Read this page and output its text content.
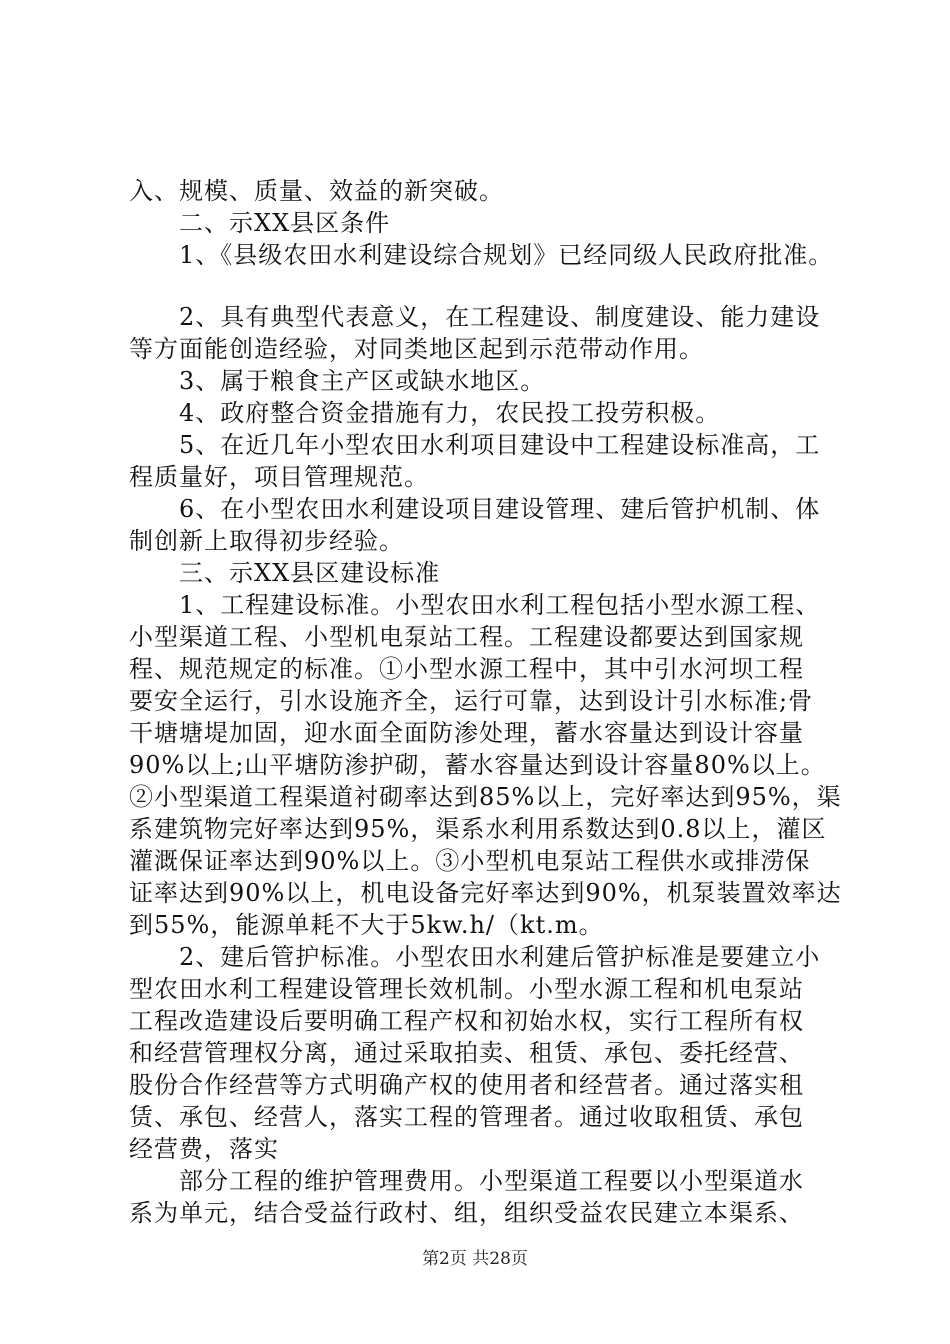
入、规模、质量、效益的新突破。
　　二、示XX县区条件
　　1、《县级农田水利建设综合规划》已经同级人民政府批准。
　　2、具有典型代表意义，在工程建设、制度建设、能力建设
等方面能创造经验，对同类地区起到示范带动作用。
　　3、属于粮食主产区或缺水地区。
　　4、政府整合资金措施有力，农民投工投劳积极。
　　5、在近几年小型农田水利项目建设中工程建设标准高，工
程质量好，项目管理规范。
　　6、在小型农田水利建设项目建设管理、建后管护机制、体
制创新上取得初步经验。
　　三、示XX县区建设标准
　　1、工程建设标准。小型农田水利工程包括小型水源工程、
小型渠道工程、小型机电泵站工程。工程建设都要达到国家规
程、规范规定的标准。①小型水源工程中，其中引水河坝工程
要安全运行，引水设施齐全，运行可靠，达到设计引水标准;骨
干塘塘堤加固，迎水面全面防渗处理，蓄水容量达到设计容量
90%以上;山平塘防渗护砌，蓄水容量达到设计容量80%以上。
②小型渠道工程渠道衬砌率达到85%以上，完好率达到95%，渠
系建筑物完好率达到95%，渠系水利用系数达到0.8以上，灌区
灌溉保证率达到90%以上。③小型机电泵站工程供水或排涝保
证率达到90%以上，机电设备完好率达到90%，机泵装置效率达
到55%，能源单耗不大于5kw.h/（kt.m。
　　2、建后管护标准。小型农田水利建后管护标准是要建立小
型农田水利工程建设管理长效机制。小型水源工程和机电泵站
工程改造建设后要明确工程产权和初始水权，实行工程所有权
和经营管理权分离，通过采取拍卖、租赁、承包、委托经营、
股份合作经营等方式明确产权的使用者和经营者。通过落实租
赁、承包、经营人，落实工程的管理者。通过收取租赁、承包
经营费，落实
　　部分工程的维护管理费用。小型渠道工程要以小型渠道水
系为单元，结合受益行政村、组，组织受益农民建立本渠系、
第2页 共28页
